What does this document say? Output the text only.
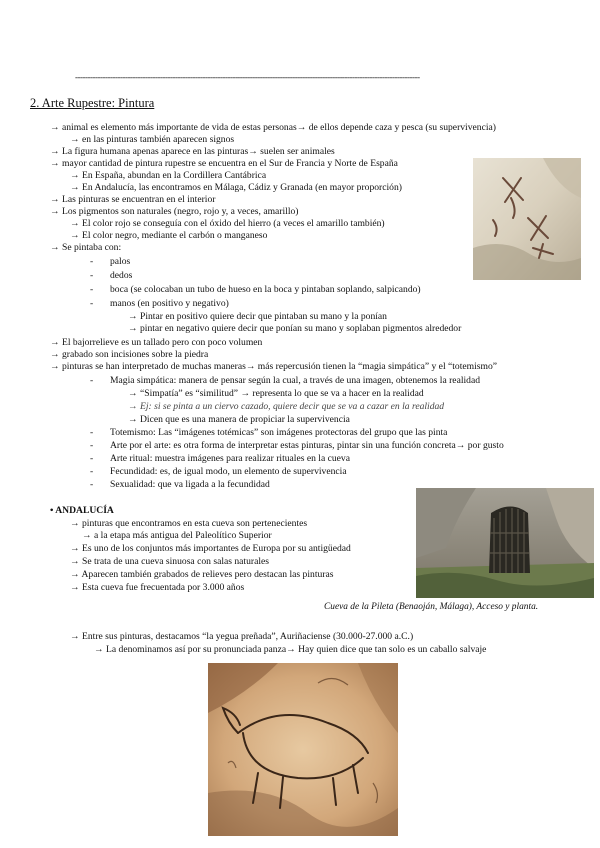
------------------------------------------------------------------------------------------------------------------------------------------
2. Arte Rupestre: Pintura
→ animal es elemento más importante de vida de estas personas→ de ellos depende caza y pesca (su supervivencia)
→ en las pinturas también aparecen signos
→ La figura humana apenas aparece en las pinturas→ suelen ser animales
→ mayor cantidad de pintura rupestre se encuentra en el Sur de Francia y Norte de España
→ En España, abundan en la Cordillera Cantábrica
→ En Andalucía, las encontramos en Málaga, Cádiz y Granada (en mayor proporción)
→ Las pinturas se encuentran en el interior
→ Los pigmentos son naturales (negro, rojo y, a veces, amarillo)
→ El color rojo se conseguía con el óxido del hierro (a veces el amarillo también)
→ El color negro, mediante el carbón o manganeso
→ Se pintaba con:
- palos
- dedos
- boca (se colocaban un tubo de hueso en la boca y pintaban soplando, salpicando)
- manos (en positivo y negativo)
→ Pintar en positivo quiere decir que pintaban su mano y la ponían
→ pintar en negativo quiere decir que ponían su mano y soplaban pigmentos alrededor
→ El bajorrelieve es un tallado pero con poco volumen
→ grabado son incisiones sobre la piedra
→ pinturas se han interpretado de muchas maneras→ más repercusión tienen la “magia simpática” y el “totemismo”
- Magia simpática: manera de pensar según la cual, a través de una imagen, obtenemos la realidad
→ “Simpatía” es “similitud” → representa lo que se va a hacer en la realidad
→ Ej: si se pinta a un ciervo cazado, quiere decir que se va a cazar en la realidad
→ Dicen que es una manera de propiciar la supervivencia
- Totemismo: Las “imágenes totémicas” son imágenes protectoras del grupo que las pinta
- Arte por el arte: es otra forma de interpretar estas pinturas, pintar sin una función concreta→ por gusto
- Arte ritual: muestra imágenes para realizar rituales en la cueva
- Fecundidad: es, de igual modo, un elemento de supervivencia
- Sexualidad: que va ligada a la fecundidad
• ANDALUCÍA
→ pinturas que encontramos en esta cueva son pertenecientes
→ a la etapa más antigua del Paleolítico Superior
→ Es uno de los conjuntos más importantes de Europa por su antigüedad
→ Se trata de una cueva sinuosa con salas naturales
→ Aparecen también grabados de relieves pero destacan las pinturas
→ Esta cueva fue frecuentada por 3.000 años
Cueva de la Pileta (Benaoján, Málaga), Acceso y planta.
→ Entre sus pinturas, destacamos “la yegua preñada”, Auriñaciense (30.000-27.000 a.C.)
→ La denominamos así por su pronunciada panza→ Hay quien dice que tan solo es un caballo salvaje
